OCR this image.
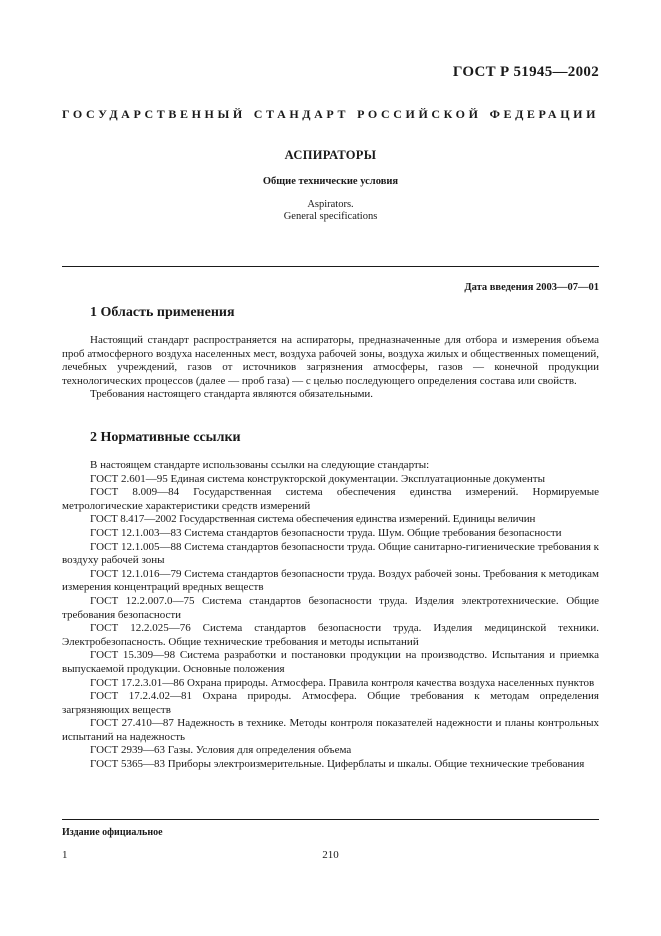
ГОСТ Р 51945—2002
ГОСУДАРСТВЕННЫЙ СТАНДАРТ РОССИЙСКОЙ ФЕДЕРАЦИИ
АСПИРАТОРЫ
Общие технические условия
Aspirators.
General specifications
Дата введения 2003—07—01
1 Область применения

Настоящий стандарт распространяется на аспираторы, предназначенные для отбора и измерения объема проб атмосферного воздуха населенных мест, воздуха рабочей зоны, воздуха жилых и общественных помещений, лечебных учреждений, газов от источников загрязнения атмосферы, газов — конечной продукции технологических процессов (далее — проб газа) — с целью последующего определения состава или свойств.

Требования настоящего стандарта являются обязательными.

2 Нормативные ссылки

В настоящем стандарте использованы ссылки на следующие стандарты:

ГОСТ 2.601—95 Единая система конструкторской документации. Эксплуатационные документы

ГОСТ 8.009—84 Государственная система обеспечения единства измерений. Нормируемые метрологические характеристики средств измерений

ГОСТ 8.417—2002 Государственная система обеспечения единства измерений. Единицы величин

ГОСТ 12.1.003—83 Система стандартов безопасности труда. Шум. Общие требования безопасности

ГОСТ 12.1.005—88 Система стандартов безопасности труда. Общие санитарно-гигиенические требования к воздуху рабочей зоны

ГОСТ 12.1.016—79 Система стандартов безопасности труда. Воздух рабочей зоны. Требования к методикам измерения концентраций вредных веществ

ГОСТ 12.2.007.0—75 Система стандартов безопасности труда. Изделия электротехнические. Общие требования безопасности

ГОСТ 12.2.025—76 Система стандартов безопасности труда. Изделия медицинской техники. Электробезопасность. Общие технические требования и методы испытаний

ГОСТ 15.309—98 Система разработки и постановки продукции на производство. Испытания и приемка выпускаемой продукции. Основные положения

ГОСТ 17.2.3.01—86 Охрана природы. Атмосфера. Правила контроля качества воздуха населенных пунктов

ГОСТ 17.2.4.02—81 Охрана природы. Атмосфера. Общие требования к методам определения загрязняющих веществ

ГОСТ 27.410—87 Надежность в технике. Методы контроля показателей надежности и планы контрольных испытаний на надежность

ГОСТ 2939—63 Газы. Условия для определения объема

ГОСТ 5365—83 Приборы электроизмерительные. Циферблаты и шкалы. Общие технические требования

Издание официальное
1	210
